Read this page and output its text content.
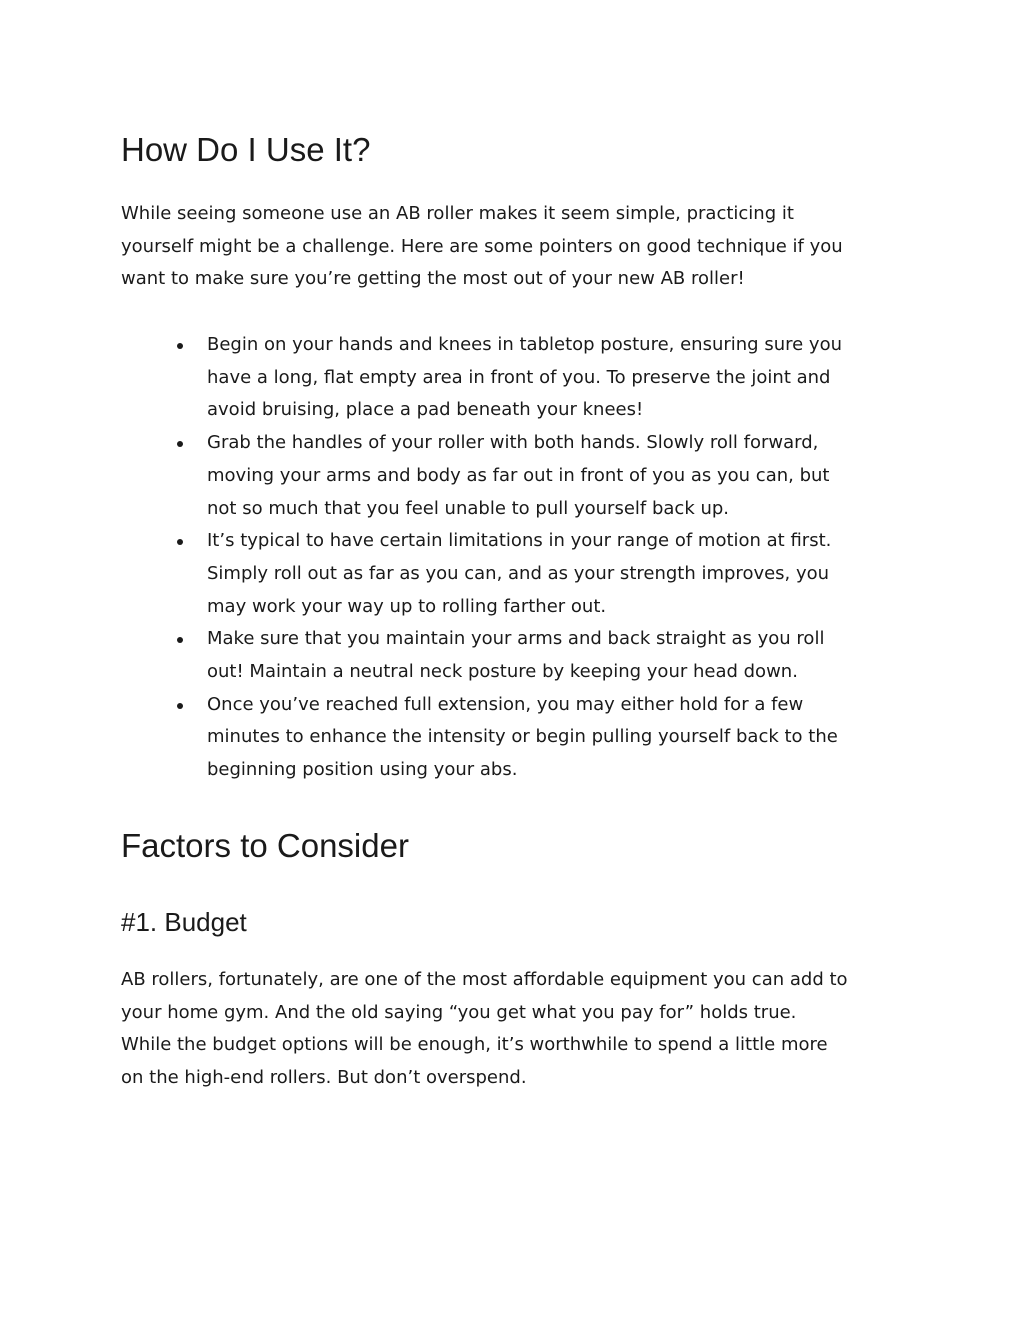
How Do I Use It?

While seeing someone use an AB roller makes it seem simple, practicing it
yourself might be a challenge. Here are some pointers on good technique if you
want to make sure you’re getting the most out of your new AB roller!

Begin on your hands and knees in tabletop posture, ensuring sure you
have a long, flat empty area in front of you. To preserve the joint and
avoid bruising, place a pad beneath your knees!
Grab the handles of your roller with both hands. Slowly roll forward,
moving your arms and body as far out in front of you as you can, but
not so much that you feel unable to pull yourself back up.
It’s typical to have certain limitations in your range of motion at first.
Simply roll out as far as you can, and as your strength improves, you
may work your way up to rolling farther out.
Make sure that you maintain your arms and back straight as you roll
out! Maintain a neutral neck posture by keeping your head down.
Once you’ve reached full extension, you may either hold for a few
minutes to enhance the intensity or begin pulling yourself back to the
beginning position using your abs.
Factors to Consider
#1. Budget

AB rollers, fortunately, are one of the most affordable equipment you can add to
your home gym. And the old saying “you get what you pay for” holds true.
While the budget options will be enough, it’s worthwhile to spend a little more
on the high-end rollers. But don’t overspend.
